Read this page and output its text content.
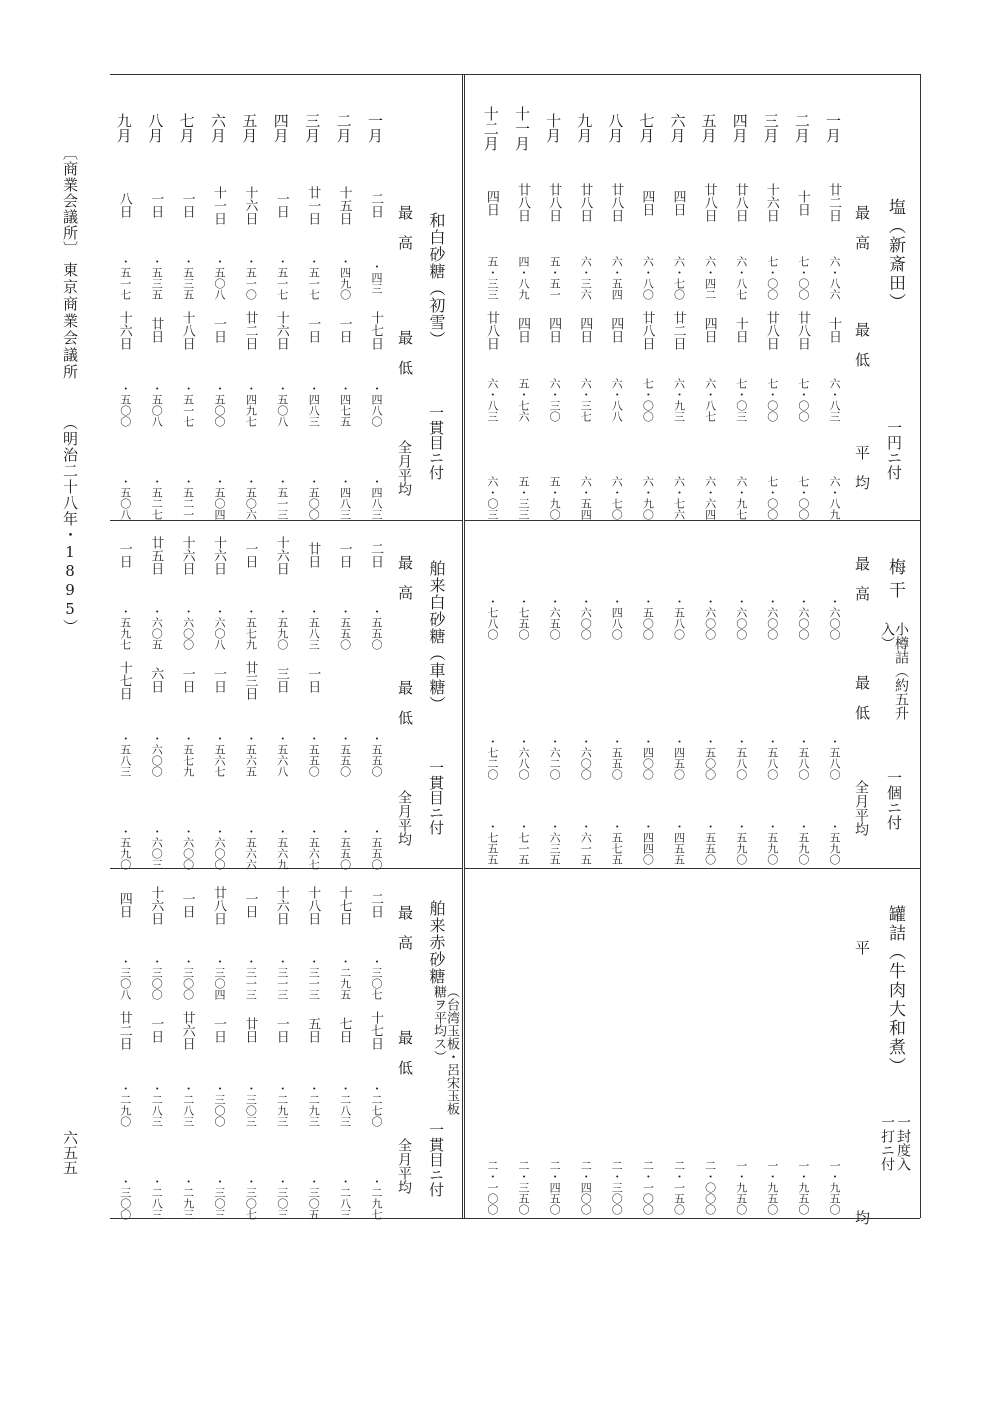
〔商業会議所〕
東京商業会議所
（明治二十八年・1895）
六五五
塩（新斎田）
一円ニ付
最　高
最　低
平　均
梅干
小樽詰（約五升入）
一個ニ付
最　高
最　低
全月平均
罐詰（牛肉大和煮）
一封度入
一打ニ付
平　均
和白砂糖（初雪）
一貫目ニ付
最　高
最　低
全月平均
舶来白砂糖（車糖）
一貫目ニ付
最　高
最　低
全月平均
舶来赤砂糖
（台湾玉板・呂宋玉板糖ヲ平均ス）
一貫目ニ付
最　高
最　低
全月平均
一月
二月
三月
四月
五月
六月
七月
八月
九月
十月
十一月
十二月
廿二日
十日
十六日
廿八日
廿八日
四日
四日
廿八日
廿八日
廿八日
廿八日
四日
六・八六
七・〇〇
七・〇〇
六・八七
六・四二
六・七〇
六・八〇
六・五四
六・三六
五・五一
四・八九
五・三三
十日
廿八日
廿八日
十日
四日
廿二日
廿八日
四日
四日
四日
四日
廿八日
六・八三
七・〇〇
七・〇〇
七・〇三
六・八七
六・九三
七・〇〇
六・八八
六・三七
六・三〇
五・七六
六・八三
六・八九
七・〇〇
七・〇〇
六・九七
六・六四
六・七六
六・九〇
六・七〇
六・五四
五・九〇
五・三三
六・〇三
・六〇〇
・六〇〇
・六〇〇
・六〇〇
・六〇〇
・五八〇
・五〇〇
・四八〇
・六〇〇
・六五〇
・七五〇
・七八〇
・五八〇
・五八〇
・五八〇
・五八〇
・五〇〇
・四五〇
・四〇〇
・五五〇
・六〇〇
・六二〇
・六八〇
・七二〇
・五九〇
・五九〇
・五九〇
・五九〇
・五五〇
・四五五
・四四〇
・五七五
・六一五
・六三五
・七一五
・七五五
一・九五〇
一・九五〇
一・九五〇
一・九五〇
二・〇〇〇
二・一五〇
二・一〇〇
二・三〇〇
二・四〇〇
二・四五〇
二・三五〇
二・一〇〇
一月
二月
三月
四月
五月
六月
七月
八月
九月
二日
十五日
廿一日
一日
十六日
十一日
一日
一日
八日
・四三
・四九〇
・五一七
・五一七
・五一〇
・五〇八
・五三五
・五三五
・五一七
十七日
一日
一日
十六日
廿二日
一日
十八日
廿日
十六日
・四八〇
・四七五
・四八三
・五〇八
・四九七
・五〇〇
・五一七
・五〇八
・五〇〇
・四八三
・四八三
・五〇〇
・五一三
・五〇六
・五〇四
・五二一
・五二七
・五〇八
二日
一日
廿日
十六日
一日
十六日
十六日
廿五日
一日
・五五〇
・五五〇
・五八三
・五九〇
・五七九
・六〇八
・六〇〇
・六〇五
・五九七
一日
三日
廿三日
一日
一日
六日
十七日
・五五〇
・五五〇
・五五〇
・五六八
・五六五
・五六七
・五七九
・六〇〇
・五八三
・五五〇
・五五〇
・五六七
・五六九
・五六六
・六〇〇
・六〇〇
・六〇三
・五九〇
二日
十七日
十八日
十六日
一日
廿八日
一日
十六日
四日
・三〇七
・二九五
・三一三
・三一三
・三一三
・三〇四
・三〇〇
・三〇〇
・三〇八
十七日
七日
五日
一日
廿日
一日
廿六日
一日
廿二日
・二七〇
・二八三
・二九三
・二九三
・三〇三
・三〇〇
・二八三
・二八三
・二九〇
・二九七
・二八三
・三〇五
・三〇三
・三〇七
・三〇三
・二九三
・二八三
・三〇〇
